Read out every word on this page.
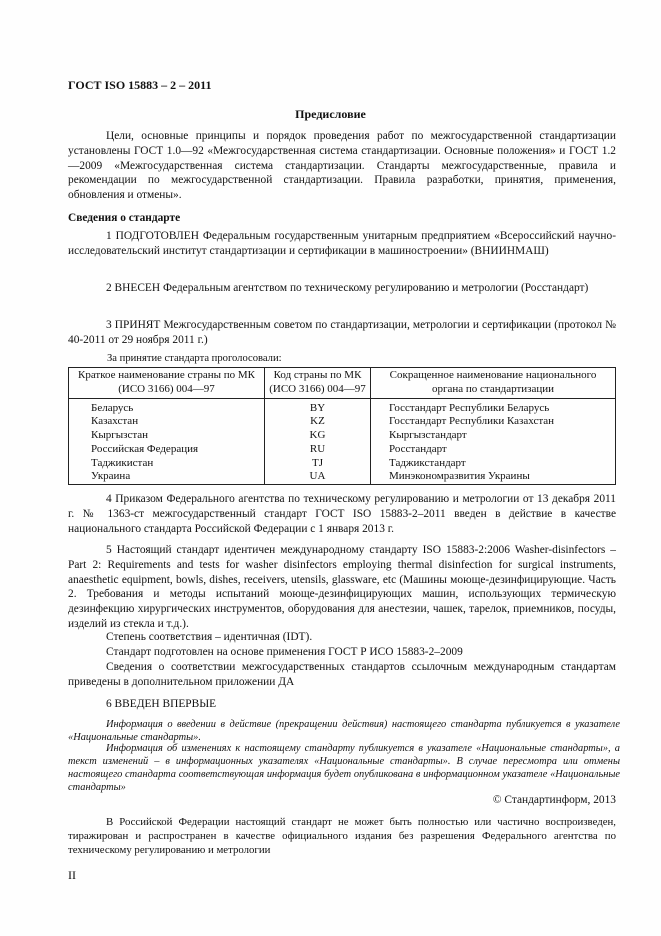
ГОСТ ISO 15883 – 2 – 2011
Предисловие

Цели, основные принципы и порядок проведения работ по межгосударственной стандартизации установлены ГОСТ 1.0—92 «Межгосударственная система стандартизации. Основные положения» и ГОСТ 1.2—2009 «Межгосударственная система стандартизации. Стандарты межгосударственные, правила и рекомендации по межгосударственной стандартизации. Правила разработки, принятия, применения, обновления и отмены».

Сведения о стандарте
1 ПОДГОТОВЛЕН Федеральным государственным унитарным предприятием «Всероссийский научно-исследовательский институт стандартизации и сертификации в машиностроении» (ВНИИНМАШ)
2 ВНЕСЕН Федеральным агентством по техническому регулированию и метрологии (Росстандарт)
3 ПРИНЯТ Межгосударственным советом по стандартизации, метрологии и сертификации (протокол № 40-2011 от 29 ноября 2011 г.)
За принятие стандарта проголосовали:
Краткое наименование страны по МК (ИСО 3166) 004—97	Код страны по МК (ИСО 3166) 004—97	Сокращенное наименование национального органа по стандартизации
Беларусь	BY	Госстандарт Республики Беларусь
Казахстан	KZ	Госстандарт Республики Казахстан
Кыргызстан	KG	Кыргызстандарт
Российская Федерация	RU	Росстандарт
Таджикистан	TJ	Таджикстандарт
Украина	UA	Минэкономразвития Украины
4 Приказом Федерального агентства по техническому регулированию и метрологии от 13 декабря 2011 г. № 1363-ст межгосударственный стандарт ГОСТ ISO 15883-2–2011 введен в действие в качестве национального стандарта Российской Федерации с 1 января 2013 г.
5 Настоящий стандарт идентичен международному стандарту ISO 15883-2:2006 Washer-disinfectors – Part 2: Requirements and tests for washer disinfectors employing thermal disinfection for surgical instruments, anaesthetic equipment, bowls, dishes, receivers, utensils, glassware, etc (Машины моюще-дезинфицирующие. Часть 2. Требования и методы испытаний моюще-дезинфицирующих машин, использующих термическую дезинфекцию хирургических инструментов, оборудования для анестезии, чашек, тарелок, приемников, посуды, изделий из стекла и т.д.).
Степень соответствия – идентичная (IDT).
Стандарт подготовлен на основе применения ГОСТ Р ИСО 15883-2–2009
Сведения о соответствии межгосударственных стандартов ссылочным международным стандартам приведены в дополнительном приложении ДА
6 ВВЕДЕН ВПЕРВЫЕ
Информация о введении в действие (прекращении действия) настоящего стандарта публикуется в указателе «Национальные стандарты».
Информация об изменениях к настоящему стандарту публикуется в указателе «Национальные стандарты», а текст изменений – в информационных указателях «Национальные стандарты». В случае пересмотра или отмены настоящего стандарта соответствующая информация будет опубликована в информационном указателе «Национальные стандарты»
© Стандартинформ, 2013
В Российской Федерации настоящий стандарт не может быть полностью или частично воспроизведен, тиражирован и распространен в качестве официального издания без разрешения Федерального агентства по техническому регулированию и метрологии
II
